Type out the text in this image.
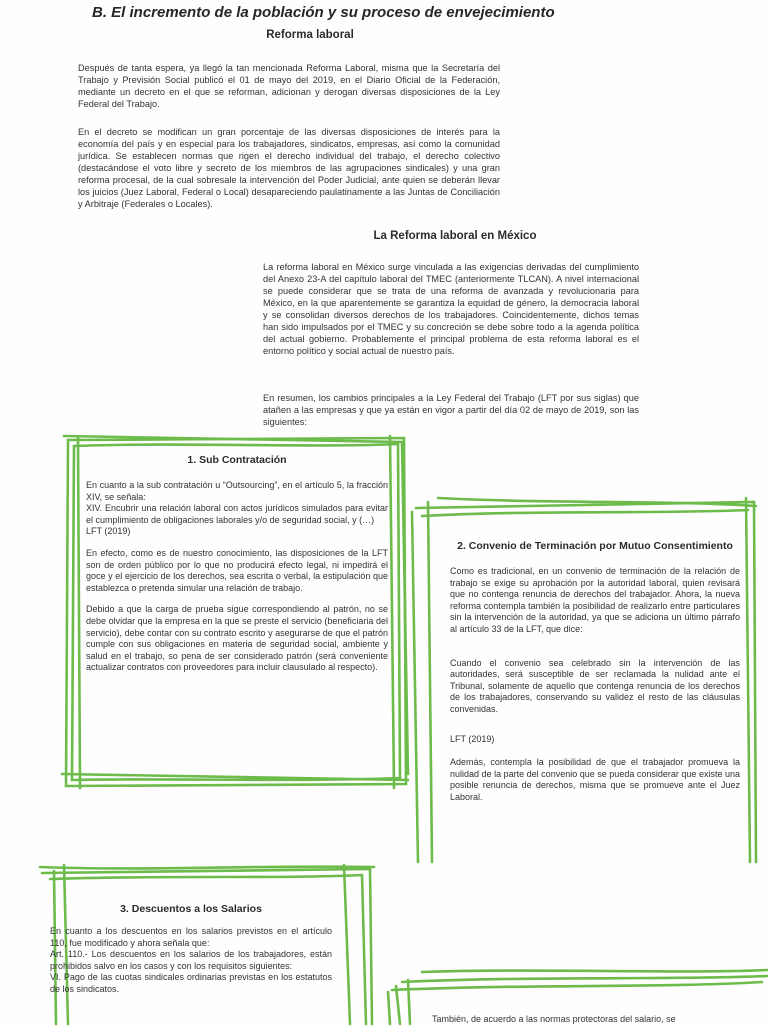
B. El incremento de la población y su proceso de envejecimiento
Reforma laboral
Después de tanta espera, ya llegó la tan mencionada Reforma Laboral, misma que la Secretaría del Trabajo y Previsión Social publicó el 01 de mayo del 2019, en el Diario Oficial de la Federación, mediante un decreto en el que se reforman, adicionan y derogan diversas disposiciones de la Ley Federal del Trabajo.
En el decreto se modifican un gran porcentaje de las diversas disposiciones de interés para la economía del país y en especial para los trabajadores, sindicatos, empresas, así como la comunidad jurídica. Se establecen normas que rigen el derecho individual del trabajo, el derecho colectivo (destacándose el voto libre y secreto de los miembros de las agrupaciones sindicales) y una gran reforma procesal, de la cual sobresale la intervención del Poder Judicial, ante quien se deberán llevar los juicios (Juez Laboral, Federal o Local) desapareciendo paulatinamente a las Juntas de Conciliación y Arbitraje (Federales o Locales).
La Reforma laboral en México
La reforma laboral en México surge vinculada a las exigencias derivadas del cumplimiento del Anexo 23-A del capítulo laboral del TMEC (anteriormente TLCAN). A nivel internacional se puede considerar que se trata de una reforma de avanzada y revolucionaria para México, en la que aparentemente se garantiza la equidad de género, la democracia laboral y se consolidan diversos derechos de los trabajadores. Coincidentemente, dichos temas han sido impulsados por el TMEC y su concreción se debe sobre todo a la agenda política del actual gobierno. Probablemente el principal problema de esta reforma laboral es el entorno político y social actual de nuestro país.
En resumen, los cambios principales a la Ley Federal del Trabajo (LFT por sus siglas) que atañen a las empresas y que ya están en vigor a partir del día 02 de mayo de 2019, son las siguientes:
1. Sub Contratación

En cuanto a la sub contratación u “Outsourcing”, en el artículo 5, la fracción XIV, se señala:

XIV. Encubrir una relación laboral con actos jurídicos simulados para evitar el cumplimiento de obligaciones laborales y/o de seguridad social, y (…)

LFT (2019)

En efecto, como es de nuestro conocimiento, las disposiciones de la LFT son de orden público por lo que no producirá efecto legal, ni impedirá el goce y el ejercicio de los derechos, sea escrita o verbal, la estipulación que establezca o pretenda simular una relación de trabajo.

Debido a que la carga de prueba sigue correspondiendo al patrón, no se debe olvidar que la empresa en la que se preste el servicio (beneficiaria del servicio), debe contar con su contrato escrito y asegurarse de que el patrón cumple con sus obligaciones en materia de seguridad social, ambiente y salud en el trabajo, so pena de ser considerado patrón (será conveniente actualizar contratos con proveedores para incluir clausulado al respecto).

2. Convenio de Terminación por Mutuo Consentimiento

Como es tradicional, en un convenio de terminación de la relación de trabajo se exige su aprobación por la autoridad laboral, quien revisará que no contenga renuncia de derechos del trabajador. Ahora, la nueva reforma contempla también la posibilidad de realizarlo entre particulares sin la intervención de la autoridad, ya que se adiciona un último párrafo al artículo 33 de la LFT, que dice:

Cuando el convenio sea celebrado sin la intervención de las autoridades, será susceptible de ser reclamada la nulidad ante el Tribunal, solamente de aquello que contenga renuncia de los derechos de los trabajadores, conservando su validez el resto de las cláusulas convenidas.

LFT (2019)

Además, contempla la posibilidad de que el trabajador promueva la nulidad de la parte del convenio que se pueda considerar que existe una posible renuncia de derechos, misma que se promueve ante el Juez Laboral.

3. Descuentos a los Salarios

En cuanto a los descuentos en los salarios previstos en el artículo 110, fue modificado y ahora señala que:

Art. 110.- Los descuentos en los salarios de los trabajadores, están prohibidos salvo en los casos y con los requisitos siguientes:

VI. Pago de las cuotas sindicales ordinarias previstas en los estatutos de los sindicatos.

También, de acuerdo a las normas protectoras del salario, se
